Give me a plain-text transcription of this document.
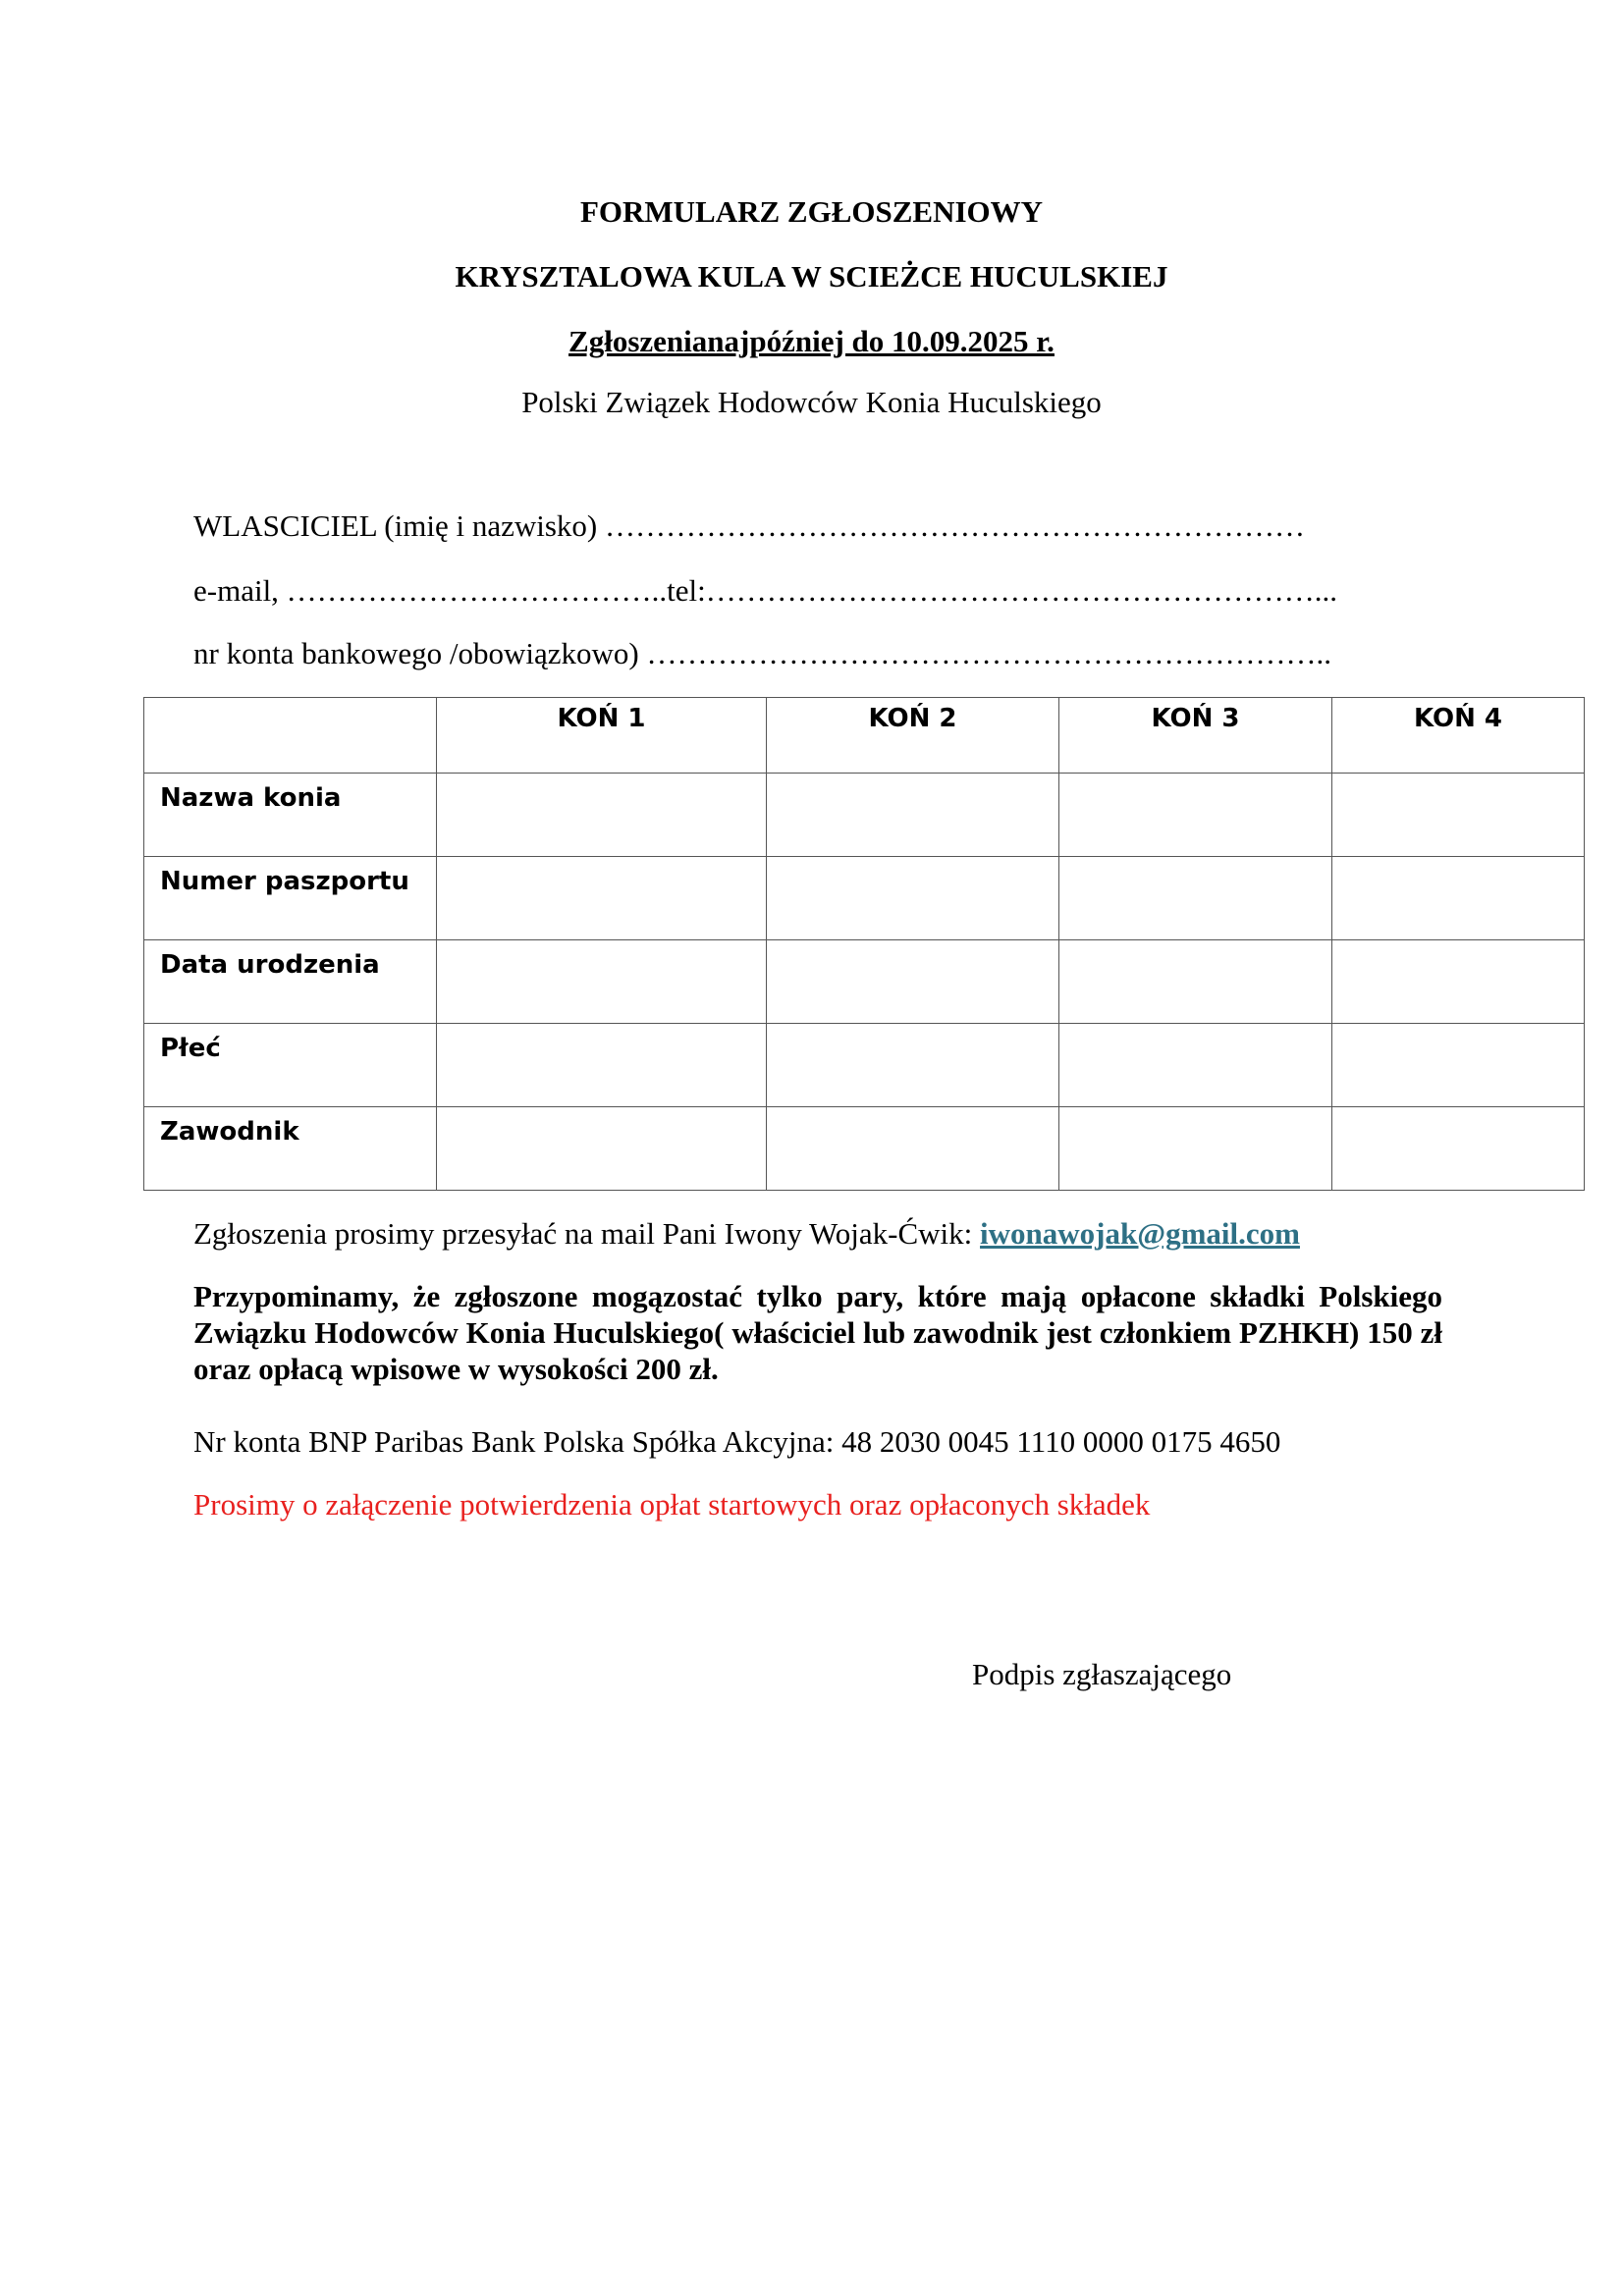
FORMULARZ ZGŁOSZENIOWY
KRYSZTALOWA KULA W SCIEŻCE HUCULSKIEJ
Zgłoszenianajpóźniej do 10.09.2025 r.
Polski Związek Hodowców Konia Huculskiego
WLASCICIEL (imię i nazwisko) ……………………………………………………………
e-mail, ………………………………..tel:……………………………………………………...
nr konta bankowego /obowiązkowo) …………………………………………………………..
	KOŃ 1	KOŃ 2	KOŃ 3	KOŃ 4
Nazwa konia				
Numer paszportu				
Data urodzenia				
Płeć				
Zawodnik				
Zgłoszenia prosimy przesyłać na mail Pani Iwony Wojak-Ćwik: iwonawojak@gmail.com
Przypominamy, że zgłoszone mogązostać tylko pary, które mają opłacone składki Polskiego Związku Hodowców Konia Huculskiego( właściciel lub zawodnik jest członkiem PZHKH) 150 zł oraz opłacą wpisowe w wysokości 200 zł.
Nr konta BNP Paribas Bank Polska Spółka Akcyjna: 48 2030 0045 1110 0000 0175 4650
Prosimy o załączenie potwierdzenia opłat startowych oraz opłaconych składek
Podpis zgłaszającego
